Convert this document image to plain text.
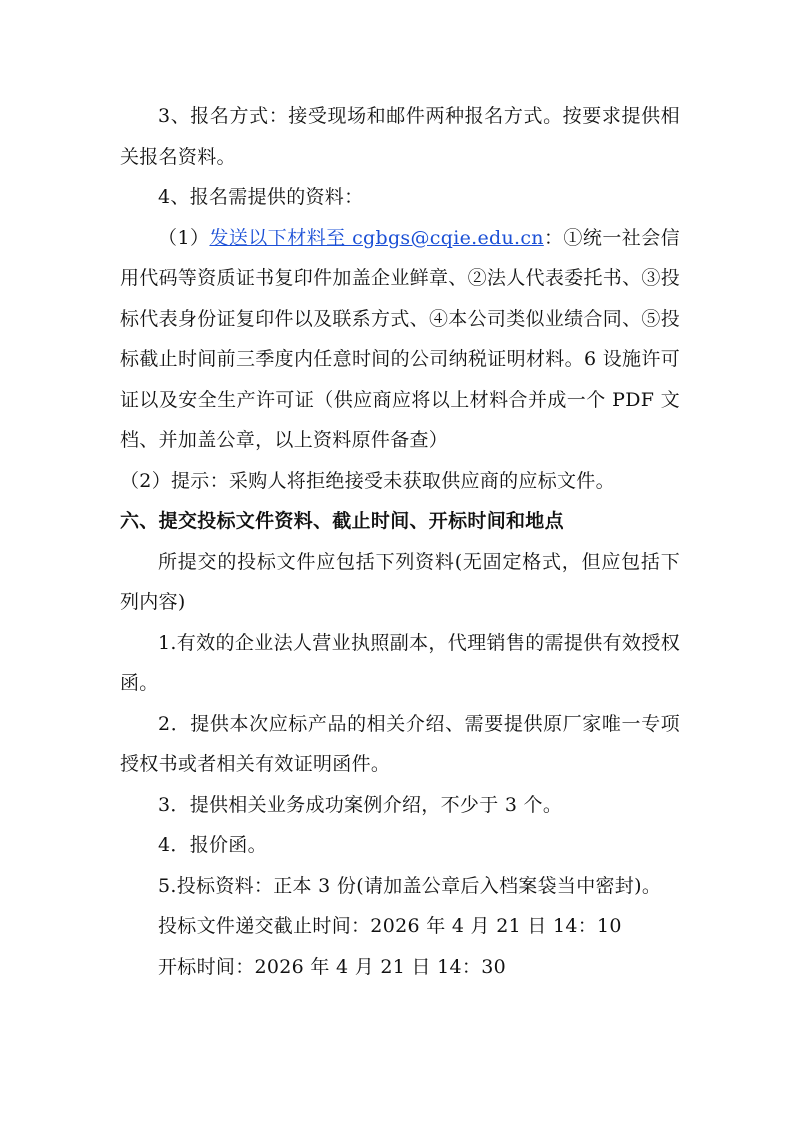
3、报名方式：接受现场和邮件两种报名方式。按要求提供相关报名资料。

4、报名需提供的资料：

（1）发送以下材料至 cgbgs@cqie.edu.cn：①统一社会信用代码等资质证书复印件加盖企业鲜章、②法人代表委托书、③投标代表身份证复印件以及联系方式、④本公司类似业绩合同、⑤投标截止时间前三季度内任意时间的公司纳税证明材料。6 设施许可证以及安全生产许可证（供应商应将以上材料合并成一个 PDF 文档、并加盖公章，以上资料原件备查）

（2）提示：采购人将拒绝接受未获取供应商的应标文件。

六、提交投标文件资料、截止时间、开标时间和地点

所提交的投标文件应包括下列资料(无固定格式，但应包括下列内容)

1.有效的企业法人营业执照副本，代理销售的需提供有效授权函。

2．提供本次应标产品的相关介绍、需要提供原厂家唯一专项授权书或者相关有效证明函件。

3．提供相关业务成功案例介绍，不少于 3 个。

4．报价函。

5.投标资料：正本 3 份(请加盖公章后入档案袋当中密封)。

投标文件递交截止时间：2026 年 4 月 21 日 14：10

开标时间：2026 年 4 月 21 日 14：30
